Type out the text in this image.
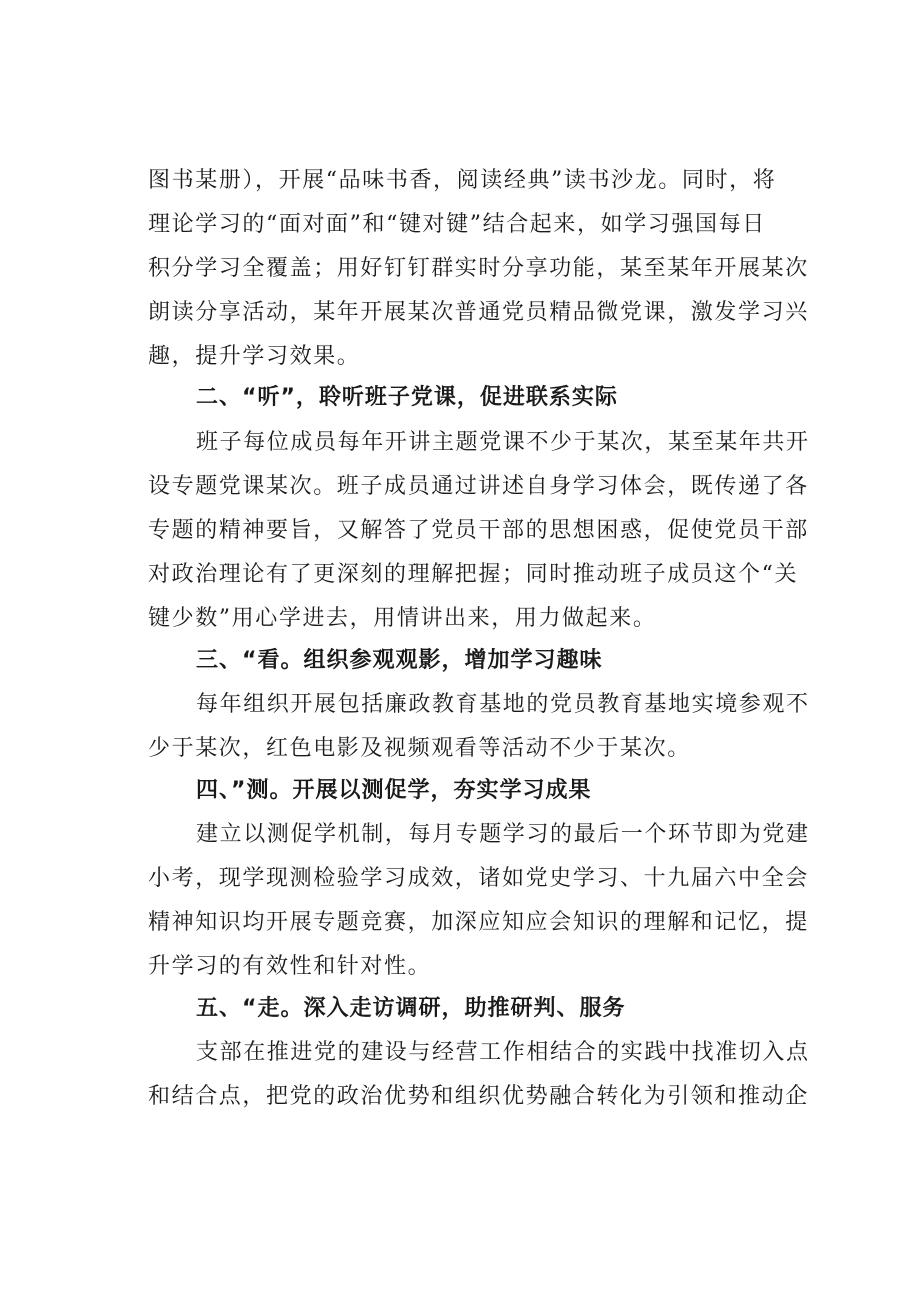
图书某册），开展“品味书香，阅读经典”读书沙龙。同时，将
理论学习的“面对面”和“键对键”结合起来，如学习强国每日
积分学习全覆盖；用好钉钉群实时分享功能，某至某年开展某次
朗读分享活动，某年开展某次普通党员精品微党课，激发学习兴
趣，提升学习效果。
二、“听”，聆听班子党课，促进联系实际
班子每位成员每年开讲主题党课不少于某次，某至某年共开
设专题党课某次。班子成员通过讲述自身学习体会，既传递了各
专题的精神要旨，又解答了党员干部的思想困惑，促使党员干部
对政治理论有了更深刻的理解把握；同时推动班子成员这个“关
键少数”用心学进去，用情讲出来，用力做起来。
三、“看。组织参观观影，增加学习趣味
每年组织开展包括廉政教育基地的党员教育基地实境参观不
少于某次，红色电影及视频观看等活动不少于某次。
四、”测。开展以测促学，夯实学习成果
建立以测促学机制，每月专题学习的最后一个环节即为党建
小考，现学现测检验学习成效，诸如党史学习、十九届六中全会
精神知识均开展专题竞赛，加深应知应会知识的理解和记忆，提
升学习的有效性和针对性。
五、“走。深入走访调研，助推研判、服务
支部在推进党的建设与经营工作相结合的实践中找准切入点
和结合点，把党的政治优势和组织优势融合转化为引领和推动企
